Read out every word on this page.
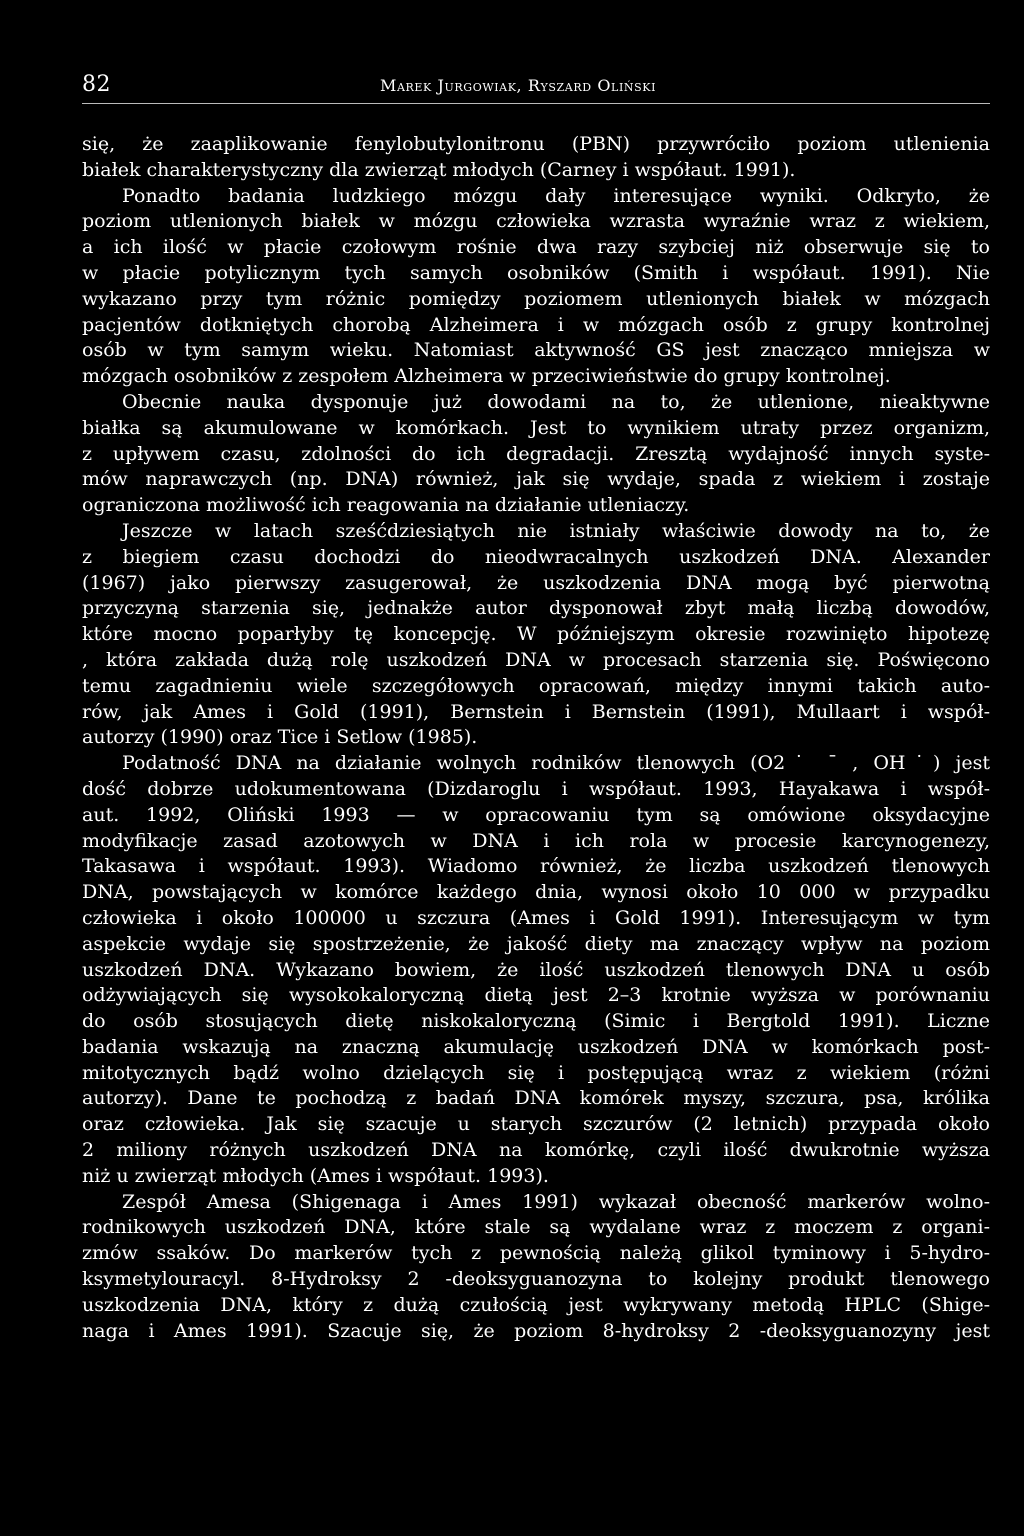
82	Marek Jurgowiak, Ryszard Oliński
się, że zaaplikowanie fenylobutylonitronu (PBN) przywróciło poziom utlenienia
białek charakterystyczny dla zwierząt młodych (Carney i współaut. 1991).
Ponadto badania ludzkiego mózgu dały interesujące wyniki. Odkryto, że
poziom utlenionych białek w mózgu człowieka wzrasta wyraźnie wraz z wiekiem,
a ich ilość w płacie czołowym rośnie dwa razy szybciej niż obserwuje się to
w płacie potylicznym tych samych osobników (Smith i współaut. 1991). Nie
wykazano przy tym różnic pomiędzy poziomem utlenionych białek w mózgach
pacjentów dotkniętych chorobą Alzheimera i w mózgach osób z grupy kontrolnej
osób w tym samym wieku. Natomiast aktywność GS jest znacząco mniejsza w
mózgach osobników z zespołem Alzheimera w przeciwieństwie do grupy kontrolnej.
Obecnie nauka dysponuje już dowodami na to, że utlenione, nieaktywne
białka są akumulowane w komórkach. Jest to wynikiem utraty przez organizm,
z upływem czasu, zdolności do ich degradacji. Zresztą wydajność innych syste-
mów naprawczych (np. DNA) również, jak się wydaje, spada z wiekiem i zostaje
ograniczona możliwość ich reagowania na działanie utleniaczy.
Jeszcze w latach sześćdziesiątych nie istniały właściwie dowody na to, że
z biegiem czasu dochodzi do nieodwracalnych uszkodzeń DNA. Alexander
(1967) jako pierwszy zasugerował, że uszkodzenia DNA mogą być pierwotną
przyczyną starzenia się, jednakże autor dysponował zbyt małą liczbą dowodów,
które mocno poparłyby tę koncepcję. W późniejszym okresie rozwinięto hipotezę
, która zakłada dużą rolę uszkodzeń DNA w procesach starzenia się. Poświęcono
temu zagadnieniu wiele szczegółowych opracowań, między innymi takich auto-
rów, jak Ames i Gold (1991), Bernstein i Bernstein (1991), Mullaart i współ-
autorzy (1990) oraz Tice i Setlow (1985).
Podatność DNA na działanie wolnych rodników tlenowych (O2˙ ¯ , OH˙) jest
dość dobrze udokumentowana (Dizdaroglu i współaut. 1993, Hayakawa i współ-
aut. 1992, Oliński 1993 — w opracowaniu tym są omówione oksydacyjne
modyfikacje zasad azotowych w DNA i ich rola w procesie karcynogenezy,
Takasawa i współaut. 1993). Wiadomo również, że liczba uszkodzeń tlenowych
DNA, powstających w komórce każdego dnia, wynosi około 10 000 w przypadku
człowieka i około 100000 u szczura (Ames i Gold 1991). Interesującym w tym
aspekcie wydaje się spostrzeżenie, że jakość diety ma znaczący wpływ na poziom
uszkodzeń DNA. Wykazano bowiem, że ilość uszkodzeń tlenowych DNA u osób
odżywiających się wysokokaloryczną dietą jest 2–3 krotnie wyższa w porównaniu
do osób stosujących dietę niskokaloryczną (Simic i Bergtold 1991). Liczne
badania wskazują na znaczną akumulację uszkodzeń DNA w komórkach post-
mitotycznych bądź wolno dzielących się i postępującą wraz z wiekiem (różni
autorzy). Dane te pochodzą z badań DNA komórek myszy, szczura, psa, królika
oraz człowieka. Jak się szacuje u starych szczurów (2 letnich) przypada około
2 miliony różnych uszkodzeń DNA na komórkę, czyli ilość dwukrotnie wyższa
niż u zwierząt młodych (Ames i współaut. 1993).
Zespół Amesa (Shigenaga i Ames 1991) wykazał obecność markerów wolno-
rodnikowych uszkodzeń DNA, które stale są wydalane wraz z moczem z organi-
zmów ssaków. Do markerów tych z pewnością należą glikol tyminowy i 5-hydro-
ksymetylouracyl. 8-Hydroksy 2 -deoksyguanozyna to kolejny produkt tlenowego
uszkodzenia DNA, który z dużą czułością jest wykrywany metodą HPLC (Shige-
naga i Ames 1991). Szacuje się, że poziom 8-hydroksy 2 -deoksyguanozyny jest
